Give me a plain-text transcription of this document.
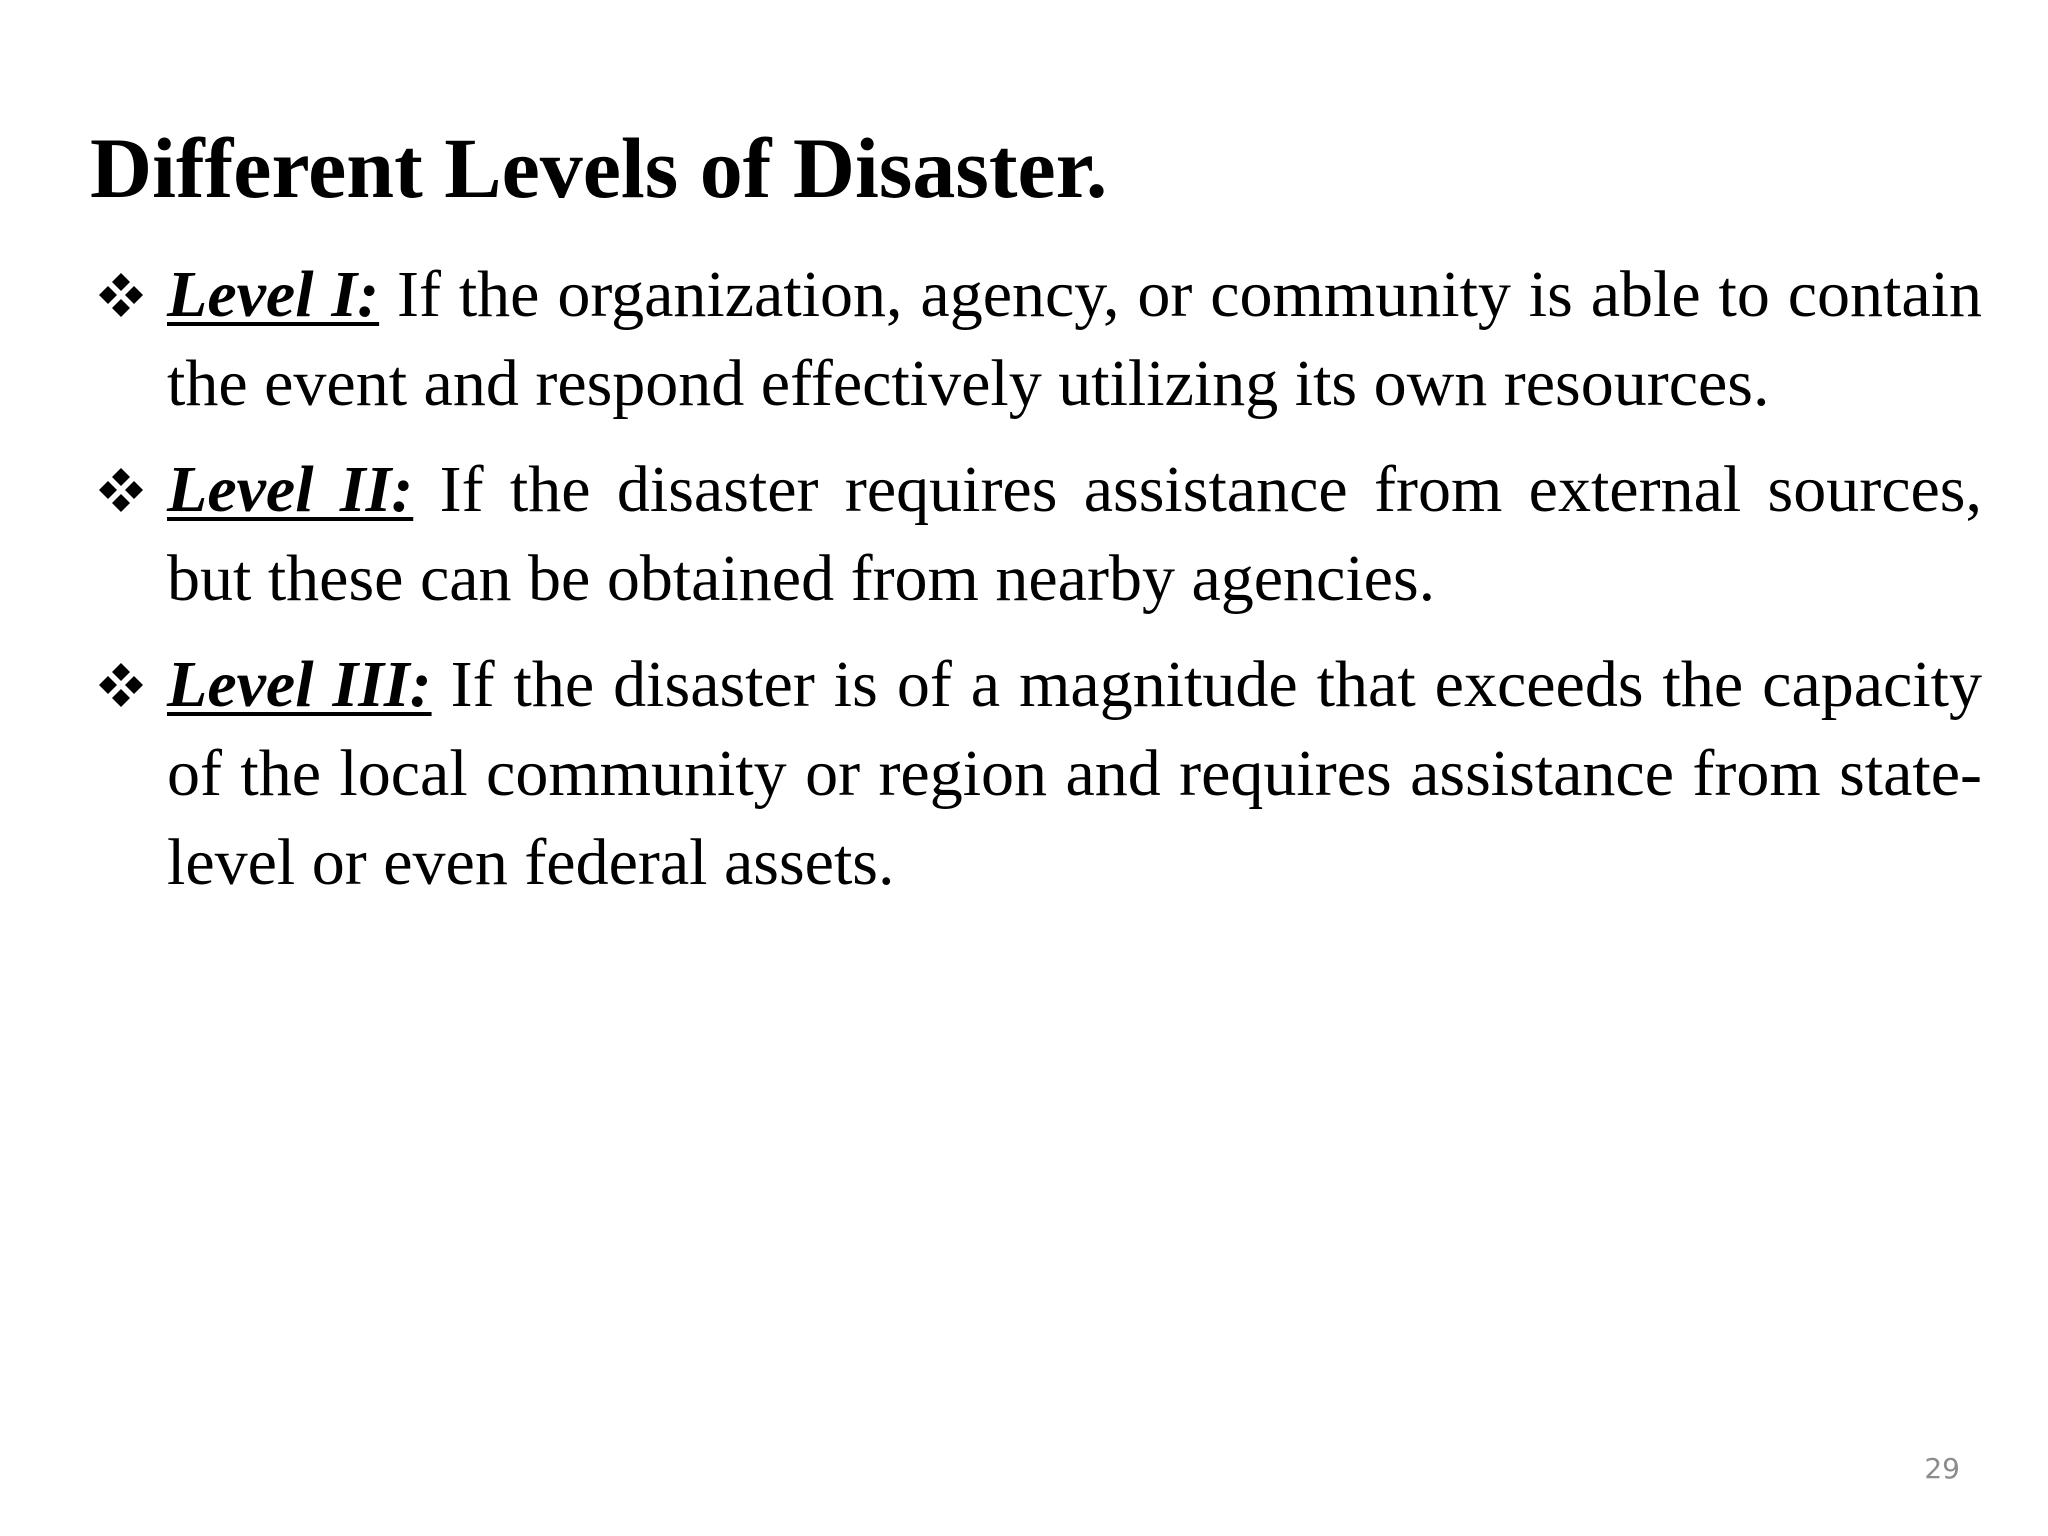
Different Levels of Disaster.
Level I: If the organization, agency, or community is able to contain the event and respond effectively utilizing its own resources.
Level II: If the disaster requires assistance from external sources, but these can be obtained from nearby agencies.
Level III: If the disaster is of a magnitude that exceeds the capacity of the local community or region and requires assistance from state-level or even federal assets.
29
